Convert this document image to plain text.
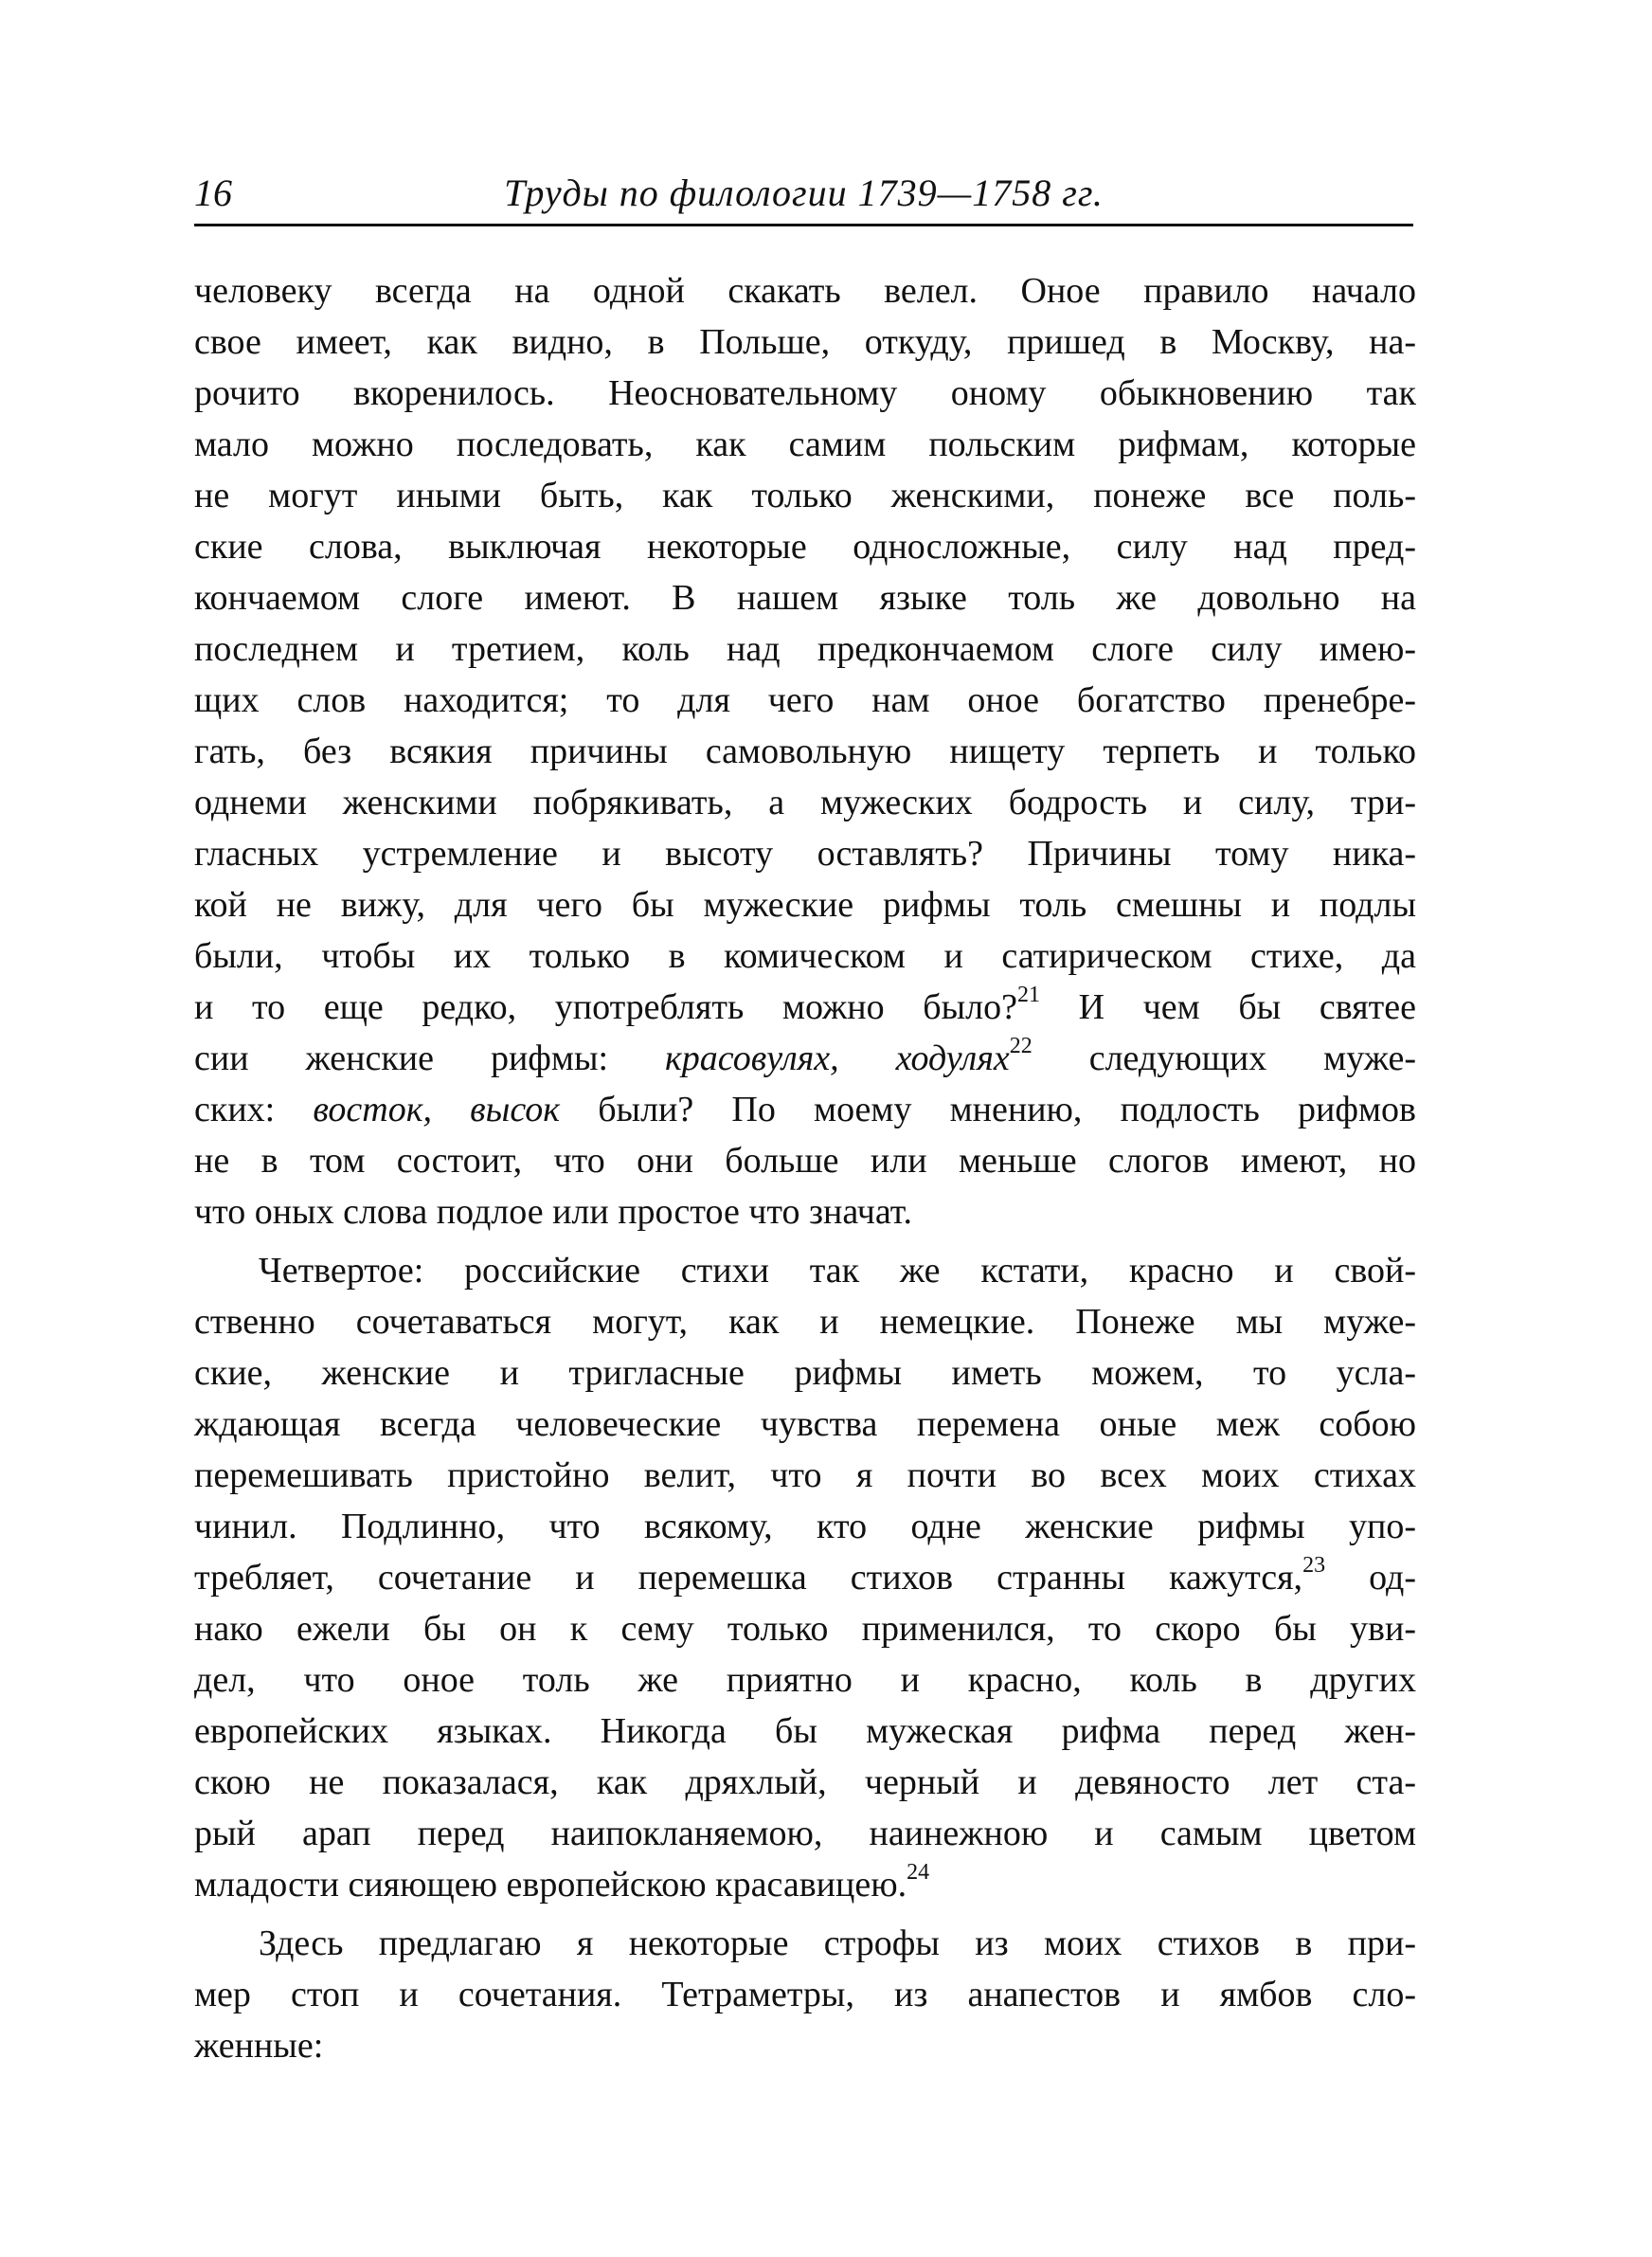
16	Труды по филологии 1739—1758 гг.
человеку всегда на одной скакать велел. Оное правило начало
свое имеет, как видно, в Польше, откуду, пришед в Москву, на-
рочито вкоренилось. Неосновательному оному обыкновению так
мало можно последовать, как самим польским рифмам, которые
не могут иными быть, как только женскими, понеже все поль-
ские слова, выключая некоторые односложные, силу над пред-
кончаемом слоге имеют. В нашем языке толь же довольно на
последнем и третием, коль над предкончаемом слоге силу имею-
щих слов находится; то для чего нам оное богатство пренебре-
гать, без всякия причины самовольную нищету терпеть и только
однеми женскими побрякивать, а мужеских бодрость и силу, три-
гласных устремление и высоту оставлять? Причины тому ника-
кой не вижу, для чего бы мужеские рифмы толь смешны и подлы
были, чтобы их только в комическом и сатирическом стихе, да
и то еще редко, употреблять можно было?$^{21}$ И чем бы святее
сии женские рифмы: красовулях, ходулях$^{22}$ следующих муже-
ских: восток, высок были? По моему мнению, подлость рифмов
не в том состоит, что они больше или меньше слогов имеют, но
что оных слова подлое или простое что значат.
Четвертое: российские стихи так же кстати, красно и свой-
ственно сочетаваться могут, как и немецкие. Понеже мы муже-
ские, женские и тригласные рифмы иметь можем, то усла-
ждающая всегда человеческие чувства перемена оные меж собою
перемешивать пристойно велит, что я почти во всех моих стихах
чинил. Подлинно, что всякому, кто одне женские рифмы упо-
требляет, сочетание и перемешка стихов странны кажутся,$^{23}$ од-
нако ежели бы он к сему только применился, то скоро бы уви-
дел, что оное толь же приятно и красно, коль в других
европейских языках. Никогда бы мужеская рифма перед жен-
скою не показалася, как дряхлый, черный и девяносто лет ста-
рый арап перед наипокланяемою, наинежною и самым цветом
младости сияющею европейскою красавицею.$^{24}$
Здесь предлагаю я некоторые строфы из моих стихов в при-
мер стоп и сочетания. Тетраметры, из анапестов и ямбов сло-
женные:
